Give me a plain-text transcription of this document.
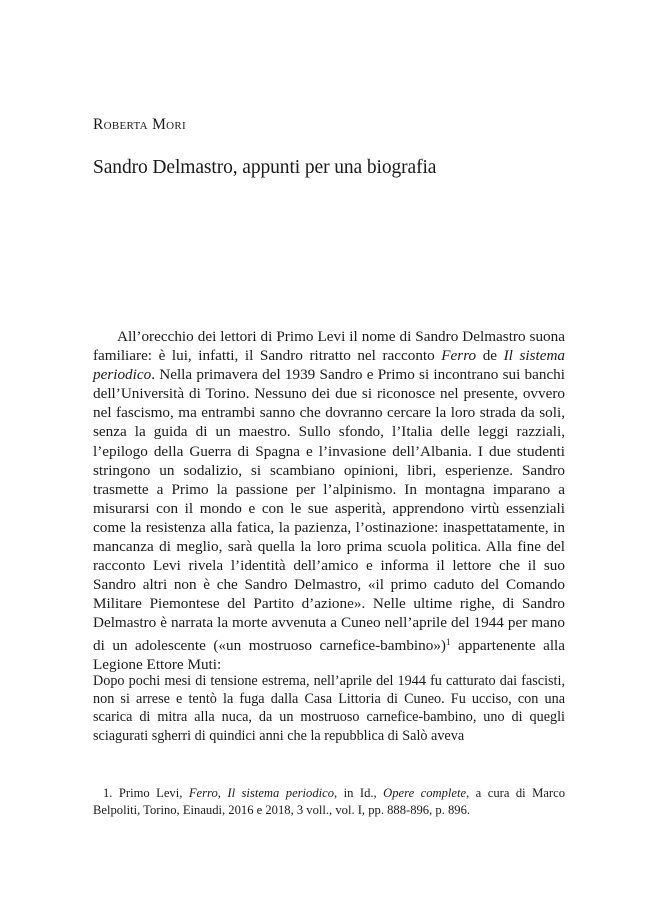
Roberta Mori
Sandro Delmastro, appunti per una biografia

All’orecchio dei lettori di Primo Levi il nome di Sandro Delmastro suona familiare: è lui, infatti, il Sandro ritratto nel racconto Ferro de Il sistema periodico. Nella primavera del 1939 Sandro e Primo si incontrano sui banchi dell’Università di Torino. Nessuno dei due si riconosce nel presente, ovvero nel fascismo, ma entrambi sanno che dovranno cercare la loro strada da soli, senza la guida di un maestro. Sullo sfondo, l’Italia delle leggi razziali, l’epilogo della Guerra di Spagna e l’invasione dell’Albania. I due studenti stringono un sodalizio, si scambiano opinioni, libri, esperienze. Sandro trasmette a Primo la passione per l’alpinismo. In montagna imparano a misurarsi con il mondo e con le sue asperità, apprendono virtù essenziali come la resistenza alla fatica, la pazienza, l’ostinazione: inaspettatamente, in mancanza di meglio, sarà quella la loro prima scuola politica. Alla fine del racconto Levi rivela l’identità dell’amico e informa il lettore che il suo Sandro altri non è che Sandro Delmastro, «il primo caduto del Comando Militare Piemontese del Partito d’azione». Nelle ultime righe, di Sandro Delmastro è narrata la morte avvenuta a Cuneo nell’aprile del 1944 per mano di un adolescente («un mostruoso carnefice-bambino»)$^1$ appartenente alla Legione Ettore Muti:

Dopo pochi mesi di tensione estrema, nell’aprile del 1944 fu catturato dai fascisti, non si arrese e tentò la fuga dalla Casa Littoria di Cuneo. Fu ucciso, con una scarica di mitra alla nuca, da un mostruoso carnefice-bambino, uno di quegli sciagurati sgherri di quindici anni che la repubblica di Salò aveva

1. Primo Levi, Ferro, Il sistema periodico, in Id., Opere complete, a cura di Marco Belpoliti, Torino, Einaudi, 2016 e 2018, 3 voll., vol. I, pp. 888-896, p. 896.
